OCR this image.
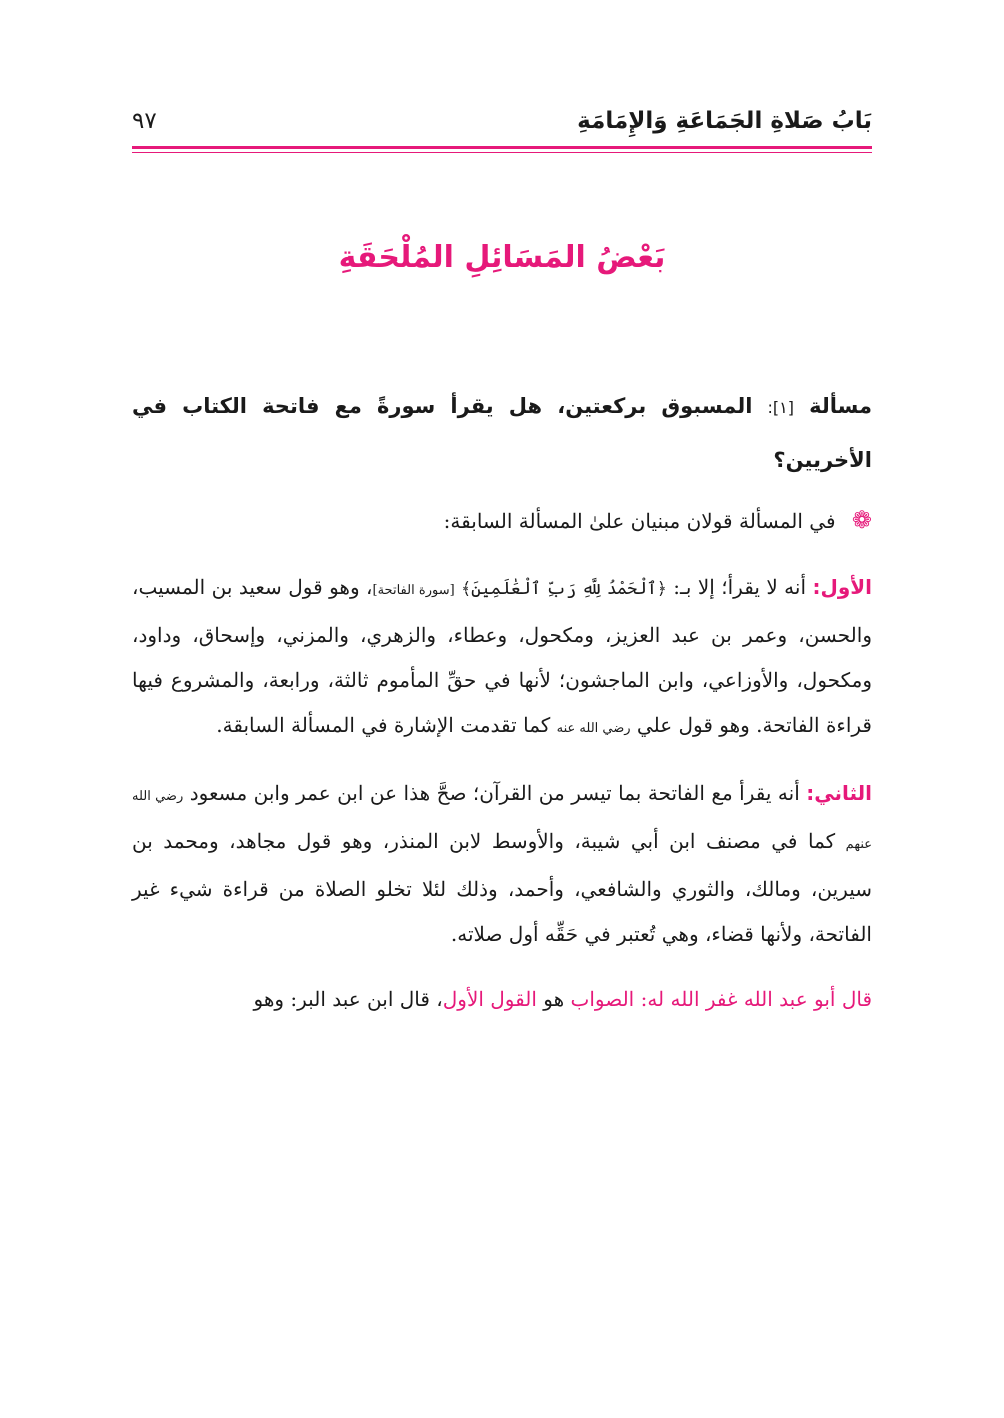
بَابُ صَلاةِ الجَمَاعَةِ وَالإِمَامَةِ
٩٧
بَعْضُ المَسَائِلِ المُلْحَقَةِ

مسألة [١]: المسبوق بركعتين، هل يقرأ سورةً مع فاتحة الكتاب في الأخريين؟

❁ في المسألة قولان مبنيان علىٰ المسألة السابقة:

الأول: أنه لا يقرأ؛ إلا بـ: ﴿ٱلْحَمْدُ لِلَّهِ رَبِّ ٱلْعَٰلَمِينَ﴾ [سورة الفاتحة]، وهو قول سعيد بن المسيب، والحسن، وعمر بن عبد العزيز، ومكحول، وعطاء، والزهري، والمزني، وإسحاق، وداود، ومكحول، والأوزاعي، وابن الماجشون؛ لأنها في حقِّ المأموم ثالثة، ورابعة، والمشروع فيها قراءة الفاتحة. وهو قول علي رضي الله عنه كما تقدمت الإشارة في المسألة السابقة.

الثاني: أنه يقرأ مع الفاتحة بما تيسر من القرآن؛ صحَّ هذا عن ابن عمر وابن مسعود رضي الله عنهم كما في مصنف ابن أبي شيبة، والأوسط لابن المنذر، وهو قول مجاهد، ومحمد بن سيرين، ومالك، والثوري والشافعي، وأحمد، وذلك لئلا تخلو الصلاة من قراءة شيء غير الفاتحة، ولأنها قضاء، وهي تُعتبر في حَقِّه أول صلاته.

قال أبو عبد الله غفر الله له: الصواب هو القول الأول، قال ابن عبد البر: وهو
